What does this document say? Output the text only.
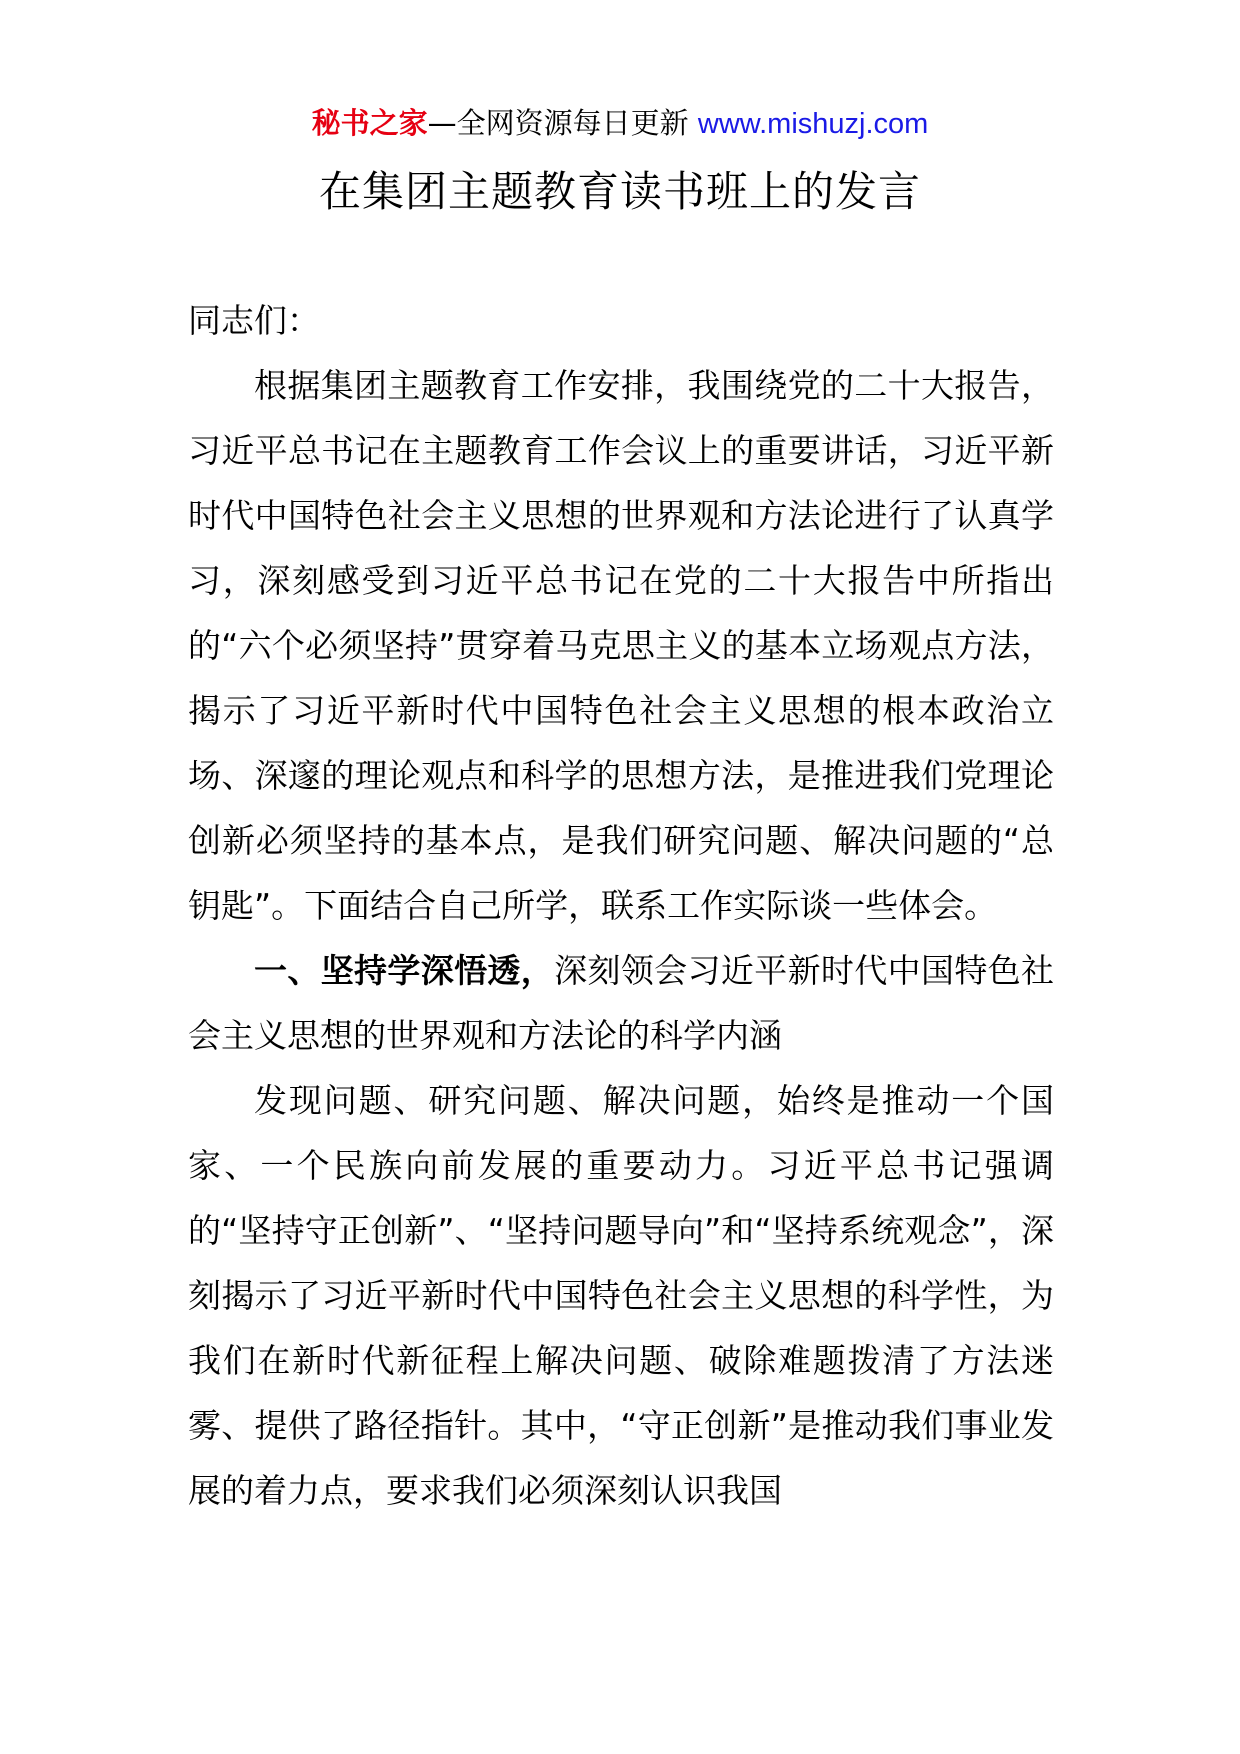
秘书之家—全网资源每日更新 www.mishuzj.com
在集团主题教育读书班上的发言

同志们：

根据集团主题教育工作安排，我围绕党的二十大报告，习近平总书记在主题教育工作会议上的重要讲话，习近平新时代中国特色社会主义思想的世界观和方法论进行了认真学习，深刻感受到习近平总书记在党的二十大报告中所指出的“六个必须坚持”贯穿着马克思主义的基本立场观点方法，揭示了习近平新时代中国特色社会主义思想的根本政治立场、深邃的理论观点和科学的思想方法，是推进我们党理论创新必须坚持的基本点，是我们研究问题、解决问题的“总钥匙”。下面结合自己所学，联系工作实际谈一些体会。

一、坚持学深悟透，深刻领会习近平新时代中国特色社会主义思想的世界观和方法论的科学内涵

发现问题、研究问题、解决问题，始终是推动一个国家、一个民族向前发展的重要动力。习近平总书记强调的“坚持守正创新”、“坚持问题导向”和“坚持系统观念”，深刻揭示了习近平新时代中国特色社会主义思想的科学性，为我们在新时代新征程上解决问题、破除难题拨清了方法迷雾、提供了路径指针。其中，“守正创新”是推动我们事业发展的着力点，要求我们必须深刻认识我国
